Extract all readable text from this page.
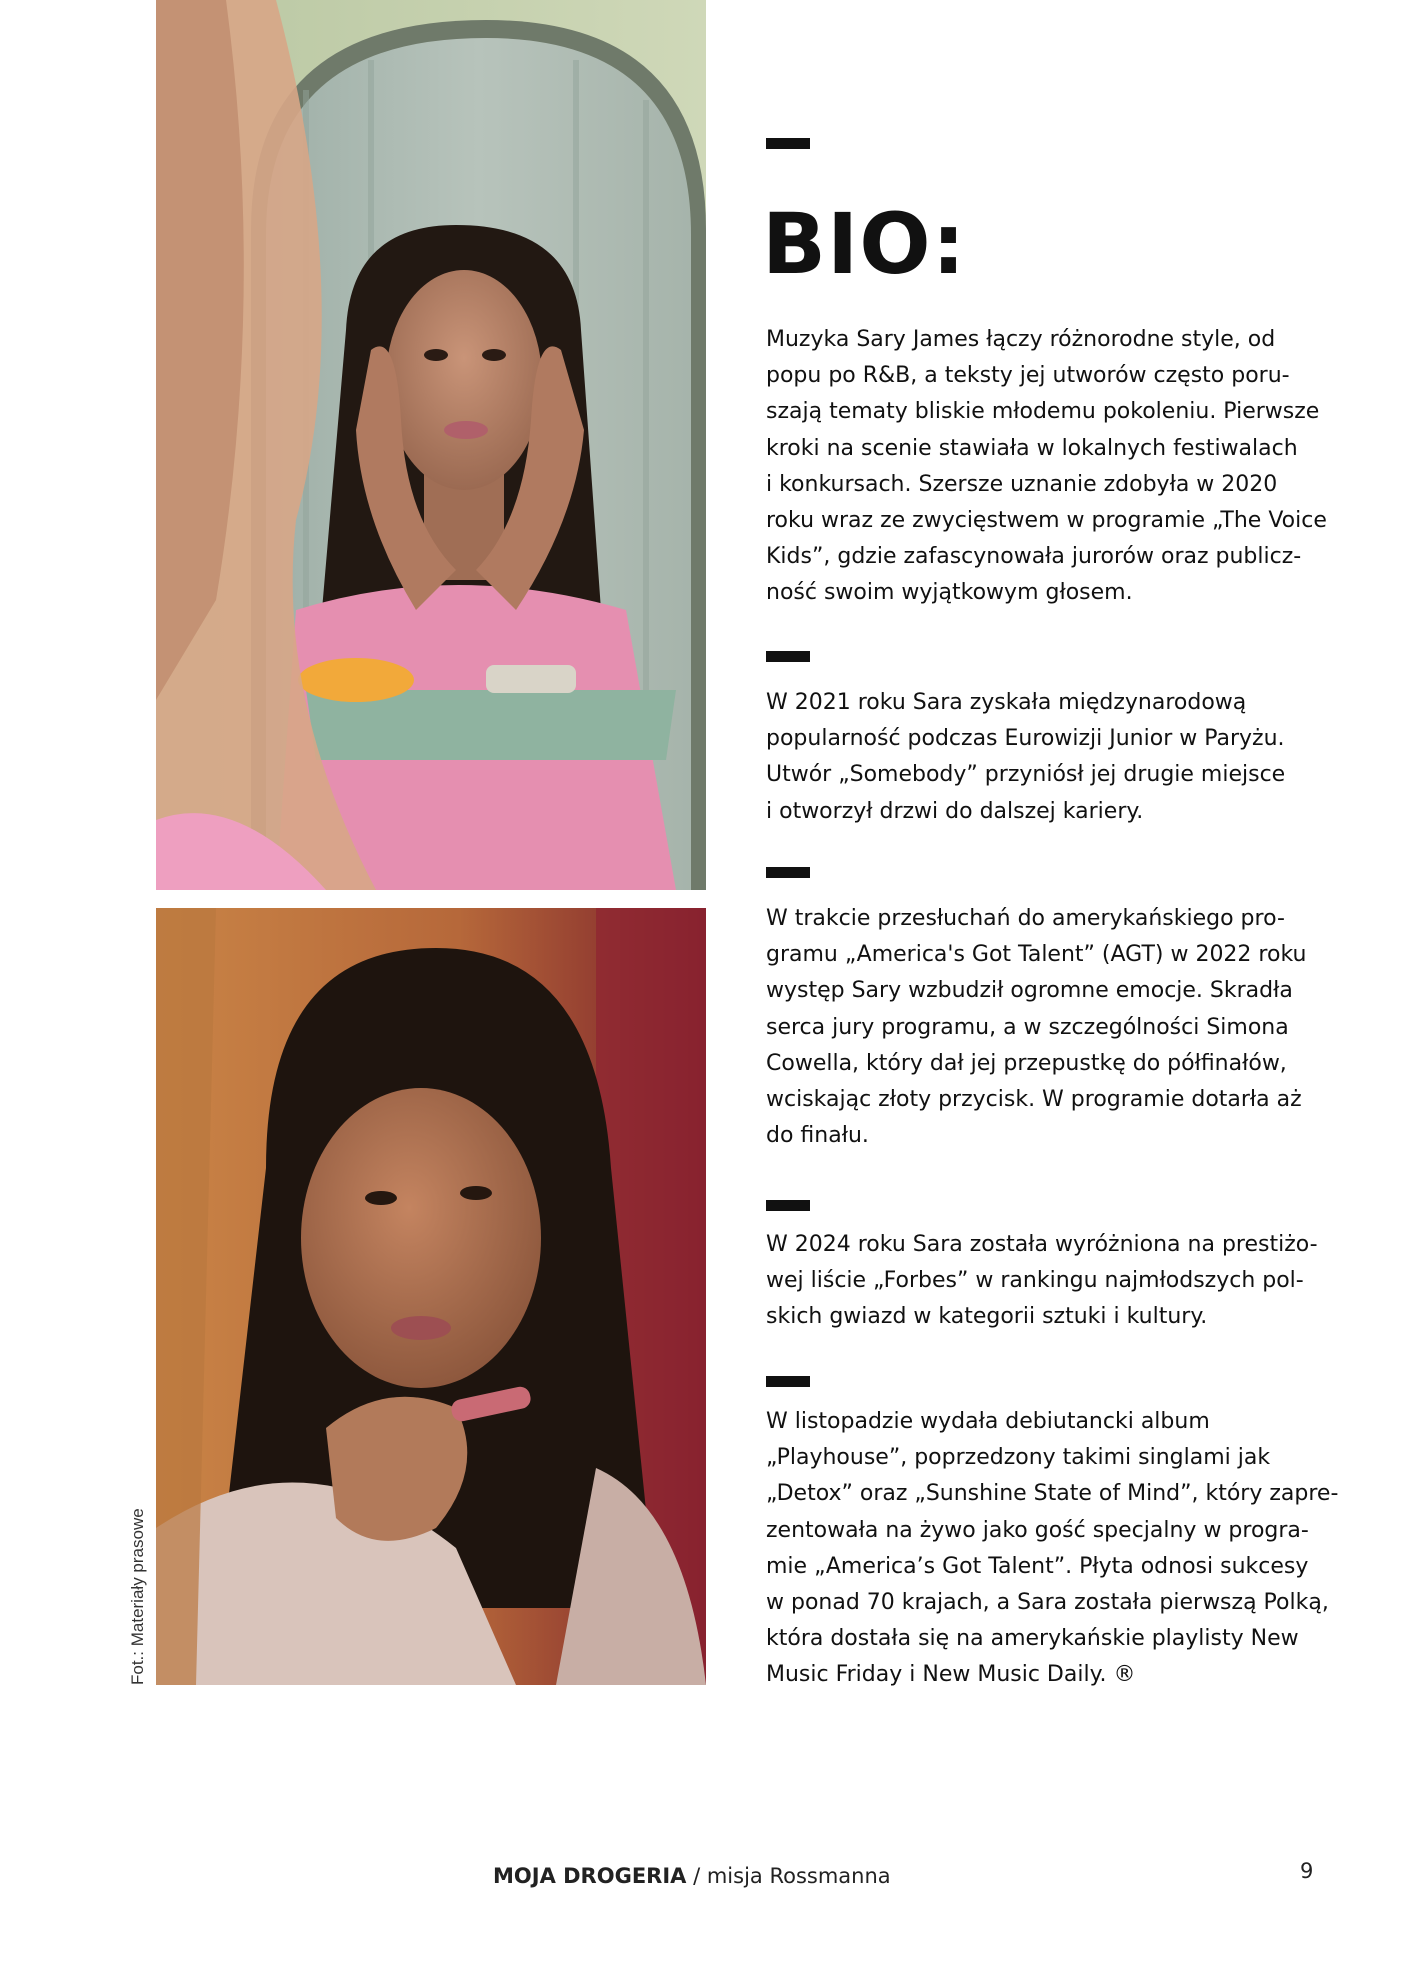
Fot.: Materiały prasowe
BIO:

Muzyka Sary James łączy różnorodne style, od
popu po R&B, a teksty jej utworów często poru-
szają tematy bliskie młodemu pokoleniu. Pierwsze
kroki na scenie stawiała w lokalnych festiwalach
i konkursach. Szersze uznanie zdobyła w 2020
roku wraz ze zwycięstwem w programie „The Voice
Kids”, gdzie zafascynowała jurorów oraz publicz-
ność swoim wyjątkowym głosem.

W 2021 roku Sara zyskała międzynarodową
popularność podczas Eurowizji Junior w Paryżu.
Utwór „Somebody” przyniósł jej drugie miejsce
i otworzył drzwi do dalszej kariery.

W trakcie przesłuchań do amerykańskiego pro-
gramu „America's Got Talent” (AGT) w 2022 roku
występ Sary wzbudził ogromne emocje. Skradła
serca jury programu, a w szczególności Simona
Cowella, który dał jej przepustkę do półfinałów,
wciskając złoty przycisk. W programie dotarła aż
do finału.

W 2024 roku Sara została wyróżniona na prestiżo-
wej liście „Forbes” w rankingu najmłodszych pol-
skich gwiazd w kategorii sztuki i kultury.

W listopadzie wydała debiutancki album
„Playhouse”, poprzedzony takimi singlami jak
„Detox” oraz „Sunshine State of Mind”, który zapre-
zentowała na żywo jako gość specjalny w progra-
mie „America’s Got Talent”. Płyta odnosi sukcesy
w ponad 70 krajach, a Sara została pierwszą Polką,
która dostała się na amerykańskie playlisty New
Music Friday i New Music Daily. ®

MOJA DROGERIA / misja Rossmanna	9
